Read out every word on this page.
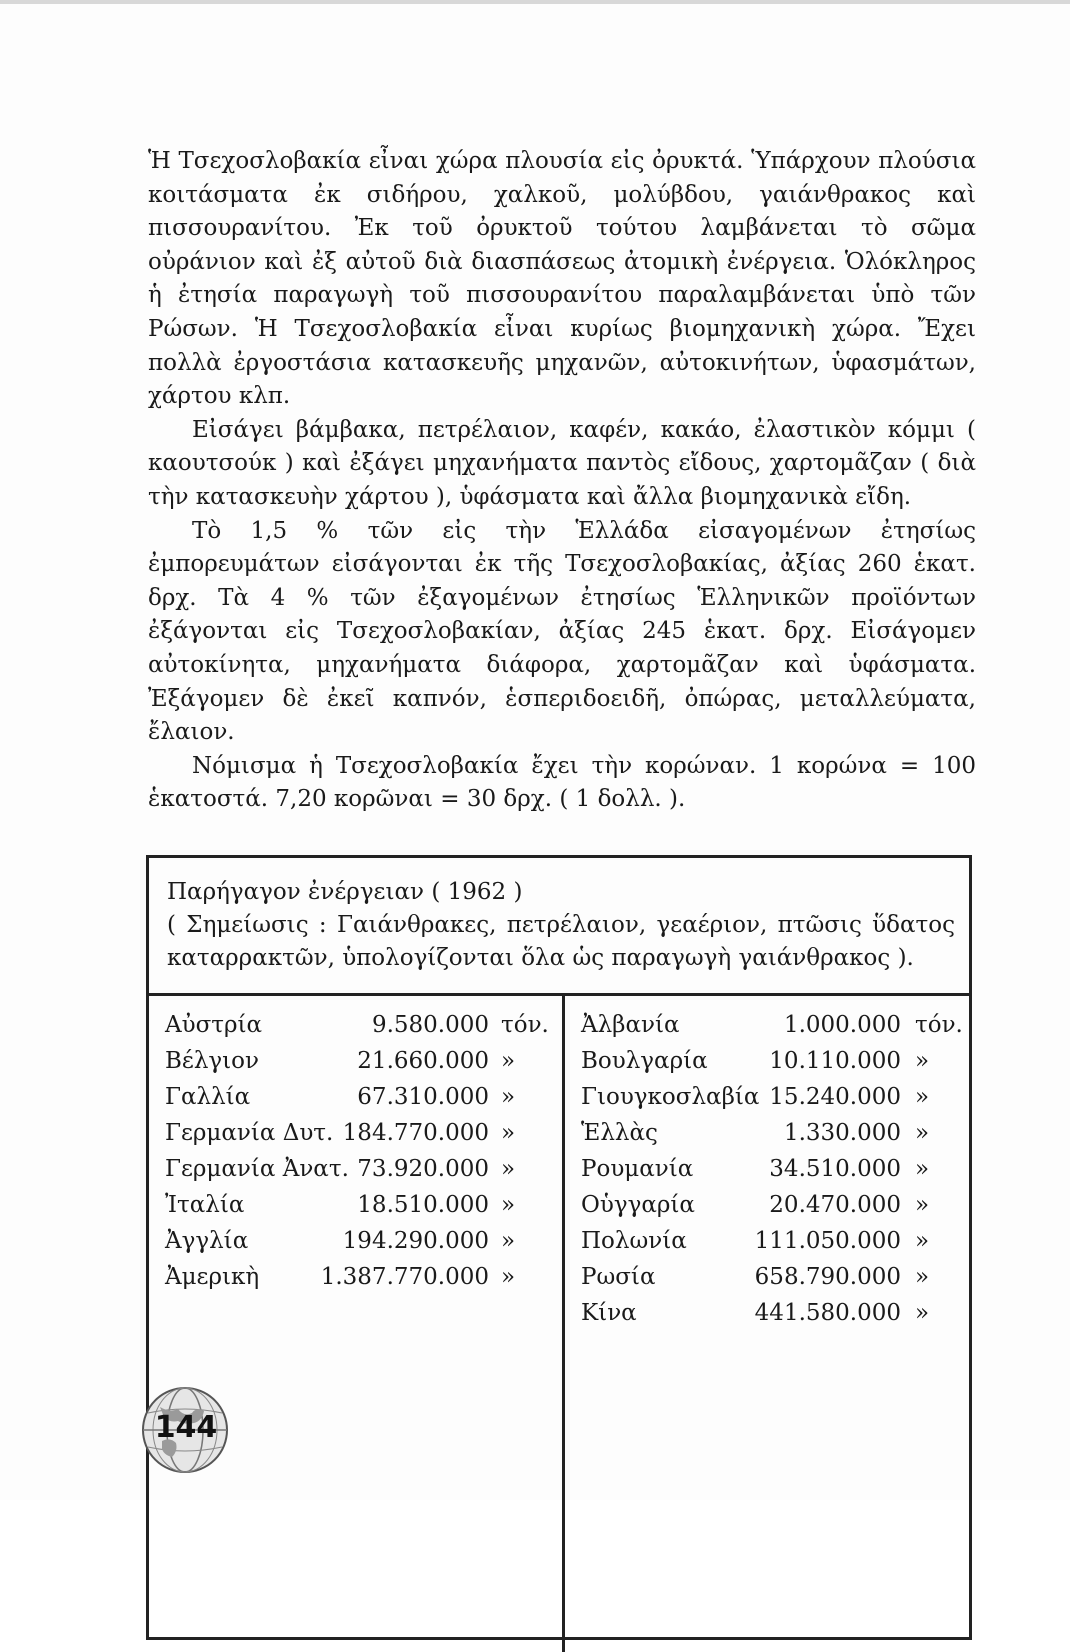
Ἡ Τσεχοσλοβακία εἶναι χώρα πλουσία εἰς ὀρυκτά. Ὑπάρχουν πλούσια κοιτάσματα ἐκ σιδήρου, χαλκοῦ, μολύβδου, γαιάνθρακος καὶ πισσουρανίτου. Ἐκ τοῦ ὀρυκτοῦ τούτου λαμβάνεται τὸ σῶμα οὐράνιον καὶ ἐξ αὐτοῦ διὰ διασπάσεως ἀτομικὴ ἐνέργεια. Ὁλόκληρος ἡ ἐτησία παραγωγὴ τοῦ πισσουρανίτου παραλαμβάνεται ὑπὸ τῶν Ρώσων. Ἡ Τσεχοσλοβακία εἶναι κυρίως βιομηχανικὴ χώρα. Ἔχει πολλὰ ἐργοστάσια κατασκευῆς μηχανῶν, αὐτοκινήτων, ὑφασμάτων, χάρτου κλπ.

Εἰσάγει βάμβακα, πετρέλαιον, καφέν, κακάο, ἐλαστικὸν κόμμι ( καουτσούκ ) καὶ ἐξάγει μηχανήματα παντὸς εἴδους, χαρτομᾶζαν ( διὰ τὴν κατασκευὴν χάρτου ), ὑφάσματα καὶ ἄλλα βιομηχανικὰ εἴδη.

Τὸ 1,5 % τῶν εἰς τὴν Ἑλλάδα εἰσαγομένων ἐτησίως ἐμπορευμάτων εἰσάγονται ἐκ τῆς Τσεχοσλοβακίας, ἀξίας 260 ἑκατ. δρχ. Τὰ 4 % τῶν ἐξαγομένων ἐτησίως Ἑλληνικῶν προϊόντων ἐξάγονται εἰς Τσεχοσλοβακίαν, ἀξίας 245 ἑκατ. δρχ. Εἰσάγομεν αὐτοκίνητα, μηχανήματα διάφορα, χαρτομᾶζαν καὶ ὑφάσματα. Ἐξάγομεν δὲ ἐκεῖ καπνόν, ἑσπεριδοειδῆ, ὀπώρας, μεταλλεύματα, ἔλαιον.

Νόμισμα ἡ Τσεχοσλοβακία ἔχει τὴν κορώναν. 1 κορώνα = 100 ἑκατοστά. 7,20 κορῶναι = 30 δρχ. ( 1 δολλ. ).

Παρήγαγον ἐνέργειαν ( 1962 )

( Σημείωσις : Γαιάνθρακες, πετρέλαιον, γεαέριον, πτῶσις ὕδατος καταρρακτῶν, ὑπολογίζονται ὅλα ὡς παραγωγὴ γαιάνθρακος ).

Αὐστρία	9.580.000 τόν.
Βέλγιον	21.660.000 »
Γαλλία	67.310.000 »
Γερμανία Δυτ. 184.770.000 »
Γερμανία Ἀνατ. 73.920.000 »
Ἰταλία	18.510.000 »
Ἀγγλία	194.290.000 »
Ἀμερικὴ	1.387.770.000 »
Ἀλβανία	1.000.000 τόν.
Βουλγαρία	10.110.000 »
Γιουγκοσλαβία 15.240.000 »
Ἑλλὰς	1.330.000 »
Ρουμανία	34.510.000 »
Οὑγγαρία	20.470.000 »
Πολωνία	111.050.000 »
Ρωσία	658.790.000 »
Κίνα	441.580.000 »
144
